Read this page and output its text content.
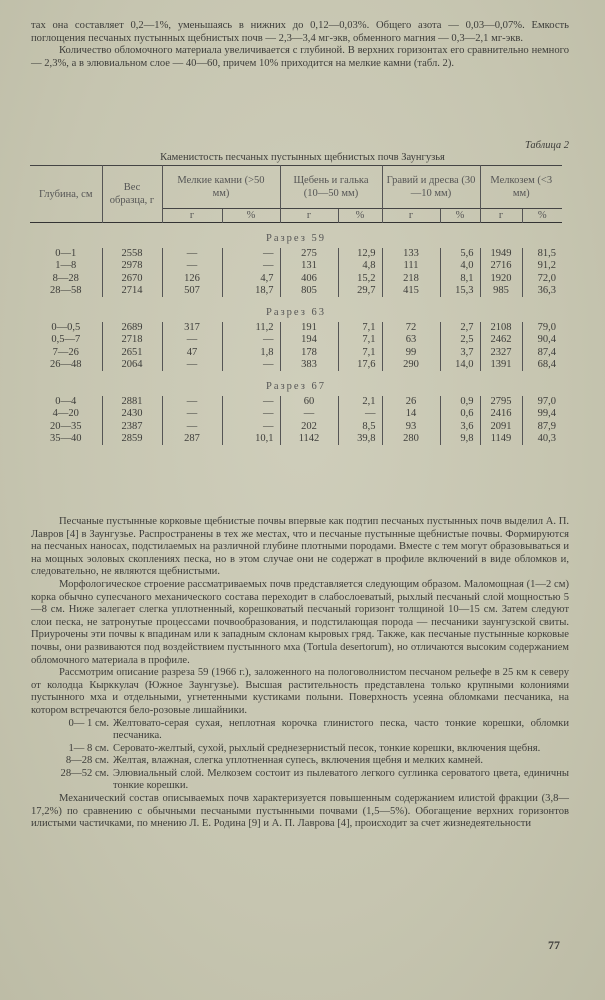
тах она составляет 0,2—1%, уменьшаясь в нижних до 0,12—0,03%. Общего азота — 0,03—0,07%. Емкость поглощения песчаных пустынных щебнистых почв — 2,3—3,4 мг-экв, обменного магния — 0,3—2,1 мг-экв.

Количество обломочного материала увеличивается с глубиной. В верхних горизонтах его сравнительно немного — 2,3%, а в элювиальном слое — 40—60, причем 10% приходится на мелкие камни (табл. 2).

Таблица 2
Каменистость песчаных пустынных щебнистых почв Заунгузья
Глубина, см	Вес образца, г	Мелкие камни (>50 мм)		Щебень и галька (10—50 мм)		Гравий и дресва (30—10 мм)		Мелкозем (<3 мм)	
		г	%	г	%	г	%	г	%
Разрез 59									
0—1	2558	—	—	275	12,9	133	5,6	1949	81,5
1—8	2978	—	—	131	4,8	111	4,0	2716	91,2
8—28	2670	126	4,7	406	15,2	218	8,1	1920	72,0
28—58	2714	507	18,7	805	29,7	415	15,3	985	36,3
Разрез 63									
0—0,5	2689	317	11,2	191	7,1	72	2,7	2108	79,0
0,5—7	2718	—	—	194	7,1	63	2,5	2462	90,4
7—26	2651	47	1,8	178	7,1	99	3,7	2327	87,4
26—48	2064	—	—	383	17,6	290	14,0	1391	68,4
Разрез 67									
0—4	2881	—	—	60	2,1	26	0,9	2795	97,0
4—20	2430	—	—	—	—	14	0,6	2416	99,4
20—35	2387	—	—	202	8,5	93	3,6	2091	87,9
35—40	2859	287	10,1	1142	39,8	280	9,8	1149	40,3

Песчаные пустынные корковые щебнистые почвы впервые как подтип песчаных пустынных почв выделил А. П. Лавров [4] в Заунгузье. Распространены в тех же местах, что и песчаные пустынные щебнистые почвы. Формируются на песчаных наносах, подстилаемых на различной глубине плотными породами. Вместе с тем могут образовываться и на мощных эоловых скоплениях песка, но в этом случае они не содержат в профиле включений в виде обломков и, следовательно, не являются щебнистыми.

Морфологическое строение рассматриваемых почв представляется следующим образом. Маломощная (1—2 см) корка обычно супесчаного механического состава переходит в слабослоеватый, рыхлый песчаный слой мощностью 5—8 см. Ниже залегает слегка уплотненный, корешковатый песчаный горизонт толщиной 10—15 см. Затем следуют слои песка, не затронутые процессами почвообразования, и подстилающая порода — песчаники заунгузской свиты. Приурочены эти почвы к впадинам или к западным склонам кыровых гряд. Также, как песчаные пустынные корковые почвы, они развиваются под воздействием пустынного мха (Tortula desertorum), но отличаются высоким содержанием обломочного материала в профиле.

Рассмотрим описание разреза 59 (1966 г.), заложенного на пологоволнистом песчаном рельефе в 25 км к северу от колодца Кырккулач (Южное Заунгузье). Высшая растительность представлена только крупными колониями пустынного мха и отдельными, угнетенными кустиками полыни. Поверхность усеяна обломками песчаника, на котором встречаются бело-розовые лишайники.

0— 1 см. Желтовато-серая сухая, неплотная корочка глинистого песка, часто тонкие корешки, обломки песчаника.
1— 8 см. Серовато-желтый, сухой, рыхлый среднезернистый песок, тонкие корешки, включения щебня.
8—28 см. Желтая, влажная, слегка уплотненная супесь, включения щебня и мелких камней.
28—52 см. Элювиальный слой. Мелкозем состоит из пылеватого легкого суглинка сероватого цвета, единичны тонкие корешки.

Механический состав описываемых почв характеризуется повышенным содержанием илистой фракции (3,8—17,2%) по сравнению с обычными песчаными пустынными почвами (1,5—5%). Обогащение верхних горизонтов илистыми частичками, по мнению Л. Е. Родина [9] и А. П. Лаврова [4], происходит за счет жизнедеятельности

77
